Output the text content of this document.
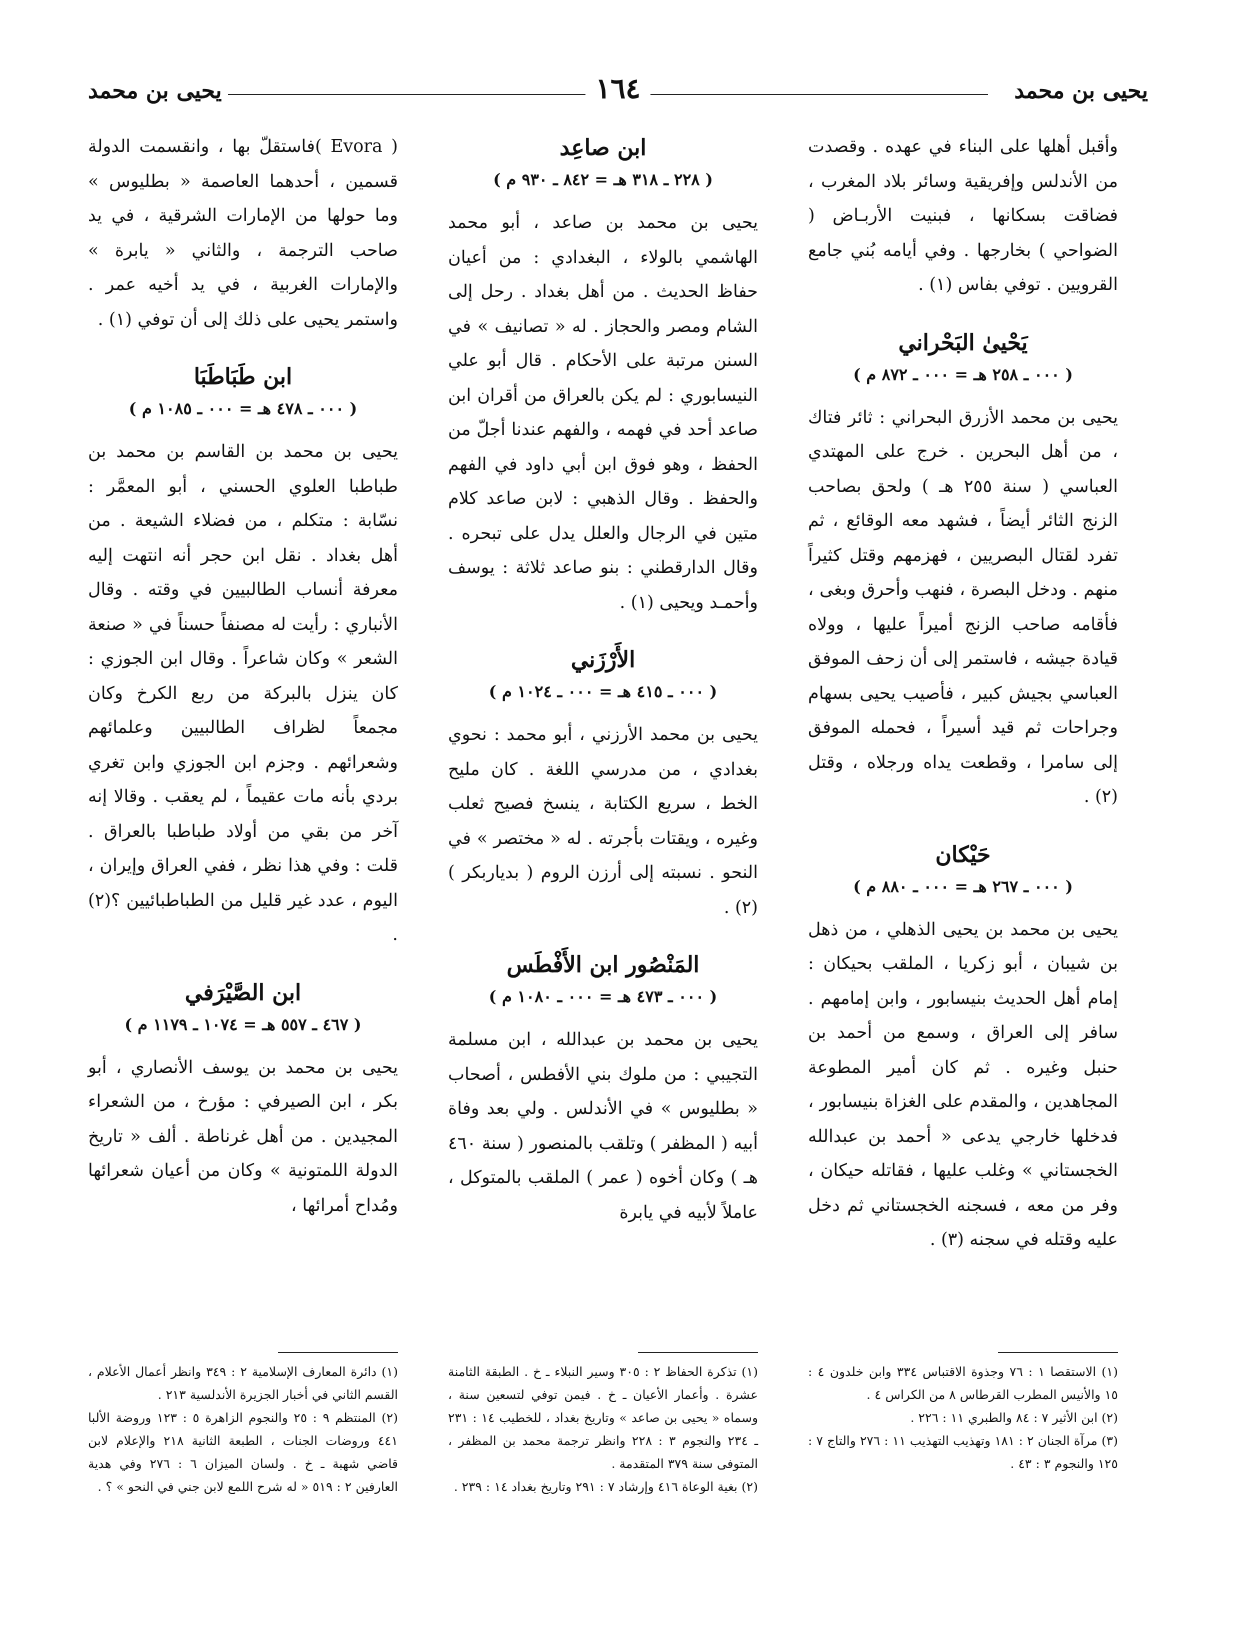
يحيى بن محمد
١٦٤
يحيى بن محمد

وأقبل أهلها على البناء في عهده . وقصدت من الأندلس وإفريقية وسائر بلاد المغرب ، فضاقت بسكانها ، فبنيت الأربـاض ( الضواحي ) بخارجها . وفي أيامه بُني جامع القرويين . توفي بفاس (١) .

يَحْيىٰ البَحْراني
( ٠٠٠ ـ ٢٥٨ هـ = ٠٠٠ ـ ٨٧٢ م )

يحيى بن محمد الأزرق البحراني : ثائر فتاك ، من أهل البحرين . خرج على المهتدي العباسي ( سنة ٢٥٥ هـ ) ولحق بصاحب الزنج الثائر أيضاً ، فشهد معه الوقائع ، ثم تفرد لقتال البصريين ، فهزمهم وقتل كثيراً منهم . ودخل البصرة ، فنهب وأحرق وبغى ، فأقامه صاحب الزنج أميراً عليها ، وولاه قيادة جيشه ، فاستمر إلى أن زحف الموفق العباسي بجيش كبير ، فأصيب يحيى بسهام وجراحات ثم قيد أسيراً ، فحمله الموفق إلى سامرا ، وقطعت يداه ورجلاه ، وقتل (٢) .

حَيْكان
( ٠٠٠ ـ ٢٦٧ هـ = ٠٠٠ ـ ٨٨٠ م )

يحيى بن محمد بن يحيى الذهلي ، من ذهل بن شيبان ، أبو زكريا ، الملقب بحيكان : إمام أهل الحديث بنيسابور ، وابن إمامهم . سافر إلى العراق ، وسمع من أحمد بن حنبل وغيره . ثم كان أمير المطوعة المجاهدين ، والمقدم على الغزاة بنيسابور ، فدخلها خارجي يدعى « أحمد بن عبدالله الخجستاني » وغلب عليها ، فقاتله حيكان ، وفر من معه ، فسجنه الخجستاني ثم دخل عليه وقتله في سجنه (٣) .

ابن صاعِد
( ٢٢٨ ـ ٣١٨ هـ = ٨٤٢ ـ ٩٣٠ م )

يحيى بن محمد بن صاعد ، أبو محمد الهاشمي بالولاء ، البغدادي : من أعيان حفاظ الحديث . من أهل بغداد . رحل إلى الشام ومصر والحجاز . له « تصانيف » في السنن مرتبة على الأحكام . قال أبو علي النيسابوري : لم يكن بالعراق من أقران ابن صاعد أحد في فهمه ، والفهم عندنا أجلّ من الحفظ ، وهو فوق ابن أبي داود في الفهم والحفظ . وقال الذهبي : لابن صاعد كلام متين في الرجال والعلل يدل على تبحره . وقال الدارقطني : بنو صاعد ثلاثة : يوسف وأحمـد ويحيى (١) .

الأَرْزَني
( ٠٠٠ ـ ٤١٥ هـ = ٠٠٠ ـ ١٠٢٤ م )

يحيى بن محمد الأرزني ، أبو محمد : نحوي بغدادي ، من مدرسي اللغة . كان مليح الخط ، سريع الكتابة ، ينسخ فصيح ثعلب وغيره ، ويقتات بأجرته . له « مختصر » في النحو . نسبته إلى أرزن الروم ( بدياربكر ) (٢) .

المَنْصُور ابن الأَفْطَس
( ٠٠٠ ـ ٤٧٣ هـ = ٠٠٠ ـ ١٠٨٠ م )

يحيى بن محمد بن عبدالله ، ابن مسلمة التجيبي : من ملوك بني الأفطس ، أصحاب « بطليوس » في الأندلس . ولي بعد وفاة أبيه ( المظفر ) وتلقب بالمنصور ( سنة ٤٦٠ هـ ) وكان أخوه ( عمر ) الملقب بالمتوكل ، عاملاً لأبيه في يابرة

( Evora )فاستقلّ بها ، وانقسمت الدولة قسمين ، أحدهما العاصمة « بطليوس » وما حولها من الإمارات الشرقية ، في يد صاحب الترجمة ، والثاني « يابرة » والإمارات الغربية ، في يد أخيه عمر . واستمر يحيى على ذلك إلى أن توفي (١) .

ابن طَبَاطَبَا
( ٠٠٠ ـ ٤٧٨ هـ = ٠٠٠ ـ ١٠٨٥ م )

يحيى بن محمد بن القاسم بن محمد بن طباطبا العلوي الحسني ، أبو المعمَّر : نسّابة : متكلم ، من فضلاء الشيعة . من أهل بغداد . نقل ابن حجر أنه انتهت إليه معرفة أنساب الطالبيين في وقته . وقال الأنباري : رأيت له مصنفاً حسناً في « صنعة الشعر » وكان شاعراً . وقال ابن الجوزي : كان ينزل بالبركة من ربع الكرخ وكان مجمعاً لظراف الطالبيين وعلمائهم وشعرائهم . وجزم ابن الجوزي وابن تغري بردي بأنه مات عقيماً ، لم يعقب . وقالا إنه آخر من بقي من أولاد طباطبا بالعراق . قلت : وفي هذا نظر ، ففي العراق وإيران ، اليوم ، عدد غير قليل من الطباطبائيين ؟(٢) .

ابن الصَّيْرَفي
( ٤٦٧ ـ ٥٥٧ هـ = ١٠٧٤ ـ ١١٧٩ م )

يحيى بن محمد بن يوسف الأنصاري ، أبو بكر ، ابن الصيرفي : مؤرخ ، من الشعراء المجيدين . من أهل غرناطة . ألف « تاريخ الدولة اللمتونية » وكان من أعيان شعرائها ومُداح أمرائها ،

(١) الاستقصا ١ : ٧٦ وجذوة الاقتباس ٣٣٤ وابن خلدون ٤ : ١٥ والأنيس المطرب القرطاس ٨ من الكراس ٤ .

(٢) ابن الأثير ٧ : ٨٤ والطبري ١١ : ٢٢٦ .

(٣) مرآة الجنان ٢ : ١٨١ وتهذيب التهذيب ١١ : ٢٧٦ والتاج ٧ : ١٢٥ والنجوم ٣ : ٤٣ .

(١) تذكرة الحفاظ ٢ : ٣٠٥ وسير النبلاء ـ خ . الطبقة الثامنة عشرة . وأعمار الأعيان ـ خ . فيمن توفي لتسعين سنة ، وسماه « يحيى بن صاعد » وتاريخ بغداد ، للخطيب ١٤ : ٢٣١ ـ ٢٣٤ والنجوم ٣ : ٢٢٨ وانظر ترجمة محمد بن المظفر ، المتوفى سنة ٣٧٩ المتقدمة .

(٢) بغية الوعاة ٤١٦ وإرشاد ٧ : ٢٩١ وتاريخ بغداد ١٤ : ٢٣٩ .

(١) دائرة المعارف الإسلامية ٢ : ٣٤٩ وانظر أعمال الأعلام ، القسم الثاني في أخبار الجزيرة الأندلسية ٢١٣ .

(٢) المنتظم ٩ : ٢٥ والنجوم الزاهرة ٥ : ١٢٣ وروضة الألبا ٤٤١ وروضات الجنات ، الطبعة الثانية ٢١٨ والإعلام لابن قاضي شهبة ـ خ . ولسان الميزان ٦ : ٢٧٦ وفي هدية العارفين ٢ : ٥١٩ « له شرح اللمع لابن جني في النحو » ؟ .
